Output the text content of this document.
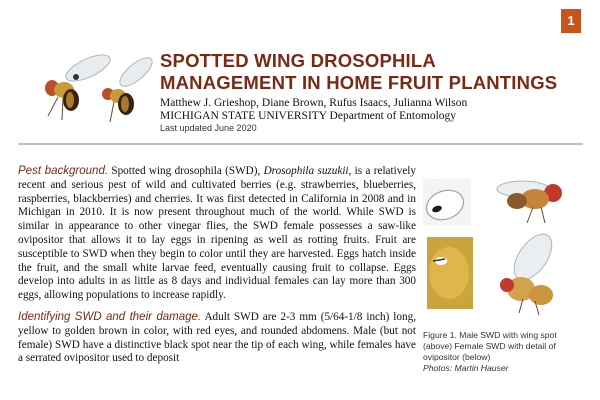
1
SPOTTED WING DROSOPHILA
MANAGEMENT IN HOME FRUIT PLANTINGS
Matthew J. Grieshop, Diane Brown, Rufus Isaacs, Julianna Wilson
MICHIGAN STATE UNIVERSITY Department of Entomology
Last updated June 2020

Pest background. Spotted wing drosophila (SWD), Drosophila suzukii, is a relatively recent and serious pest of wild and cultivated berries (e.g. strawberries, blueberries, raspberries, blackberries) and cherries. It was first detected in California in 2008 and in Michigan in 2010. It is now present throughout much of the world. While SWD is similar in appearance to other vinegar flies, the SWD female possesses a saw-like ovipositor that allows it to lay eggs in ripening as well as rotting fruits. Fruit are susceptible to SWD when they begin to color until they are harvested. Eggs hatch inside the fruit, and the small white larvae feed, eventually causing fruit to collapse. Eggs develop into adults in as little as 8 days and individual females can lay more than 300 eggs, allowing populations to increase rapidly.

Identifying SWD and their damage. Adult SWD are 2-3 mm (5/64-1/8 inch) long, yellow to golden brown in color, with red eyes, and rounded abdomens. Male (but not female) SWD have a distinctive black spot near the tip of each wing, while females have a serrated ovipositor used to deposit

Figure 1. Male SWD with wing spot (above) Female SWD with detail of ovipositor (below)
Photos: Martin Hauser
